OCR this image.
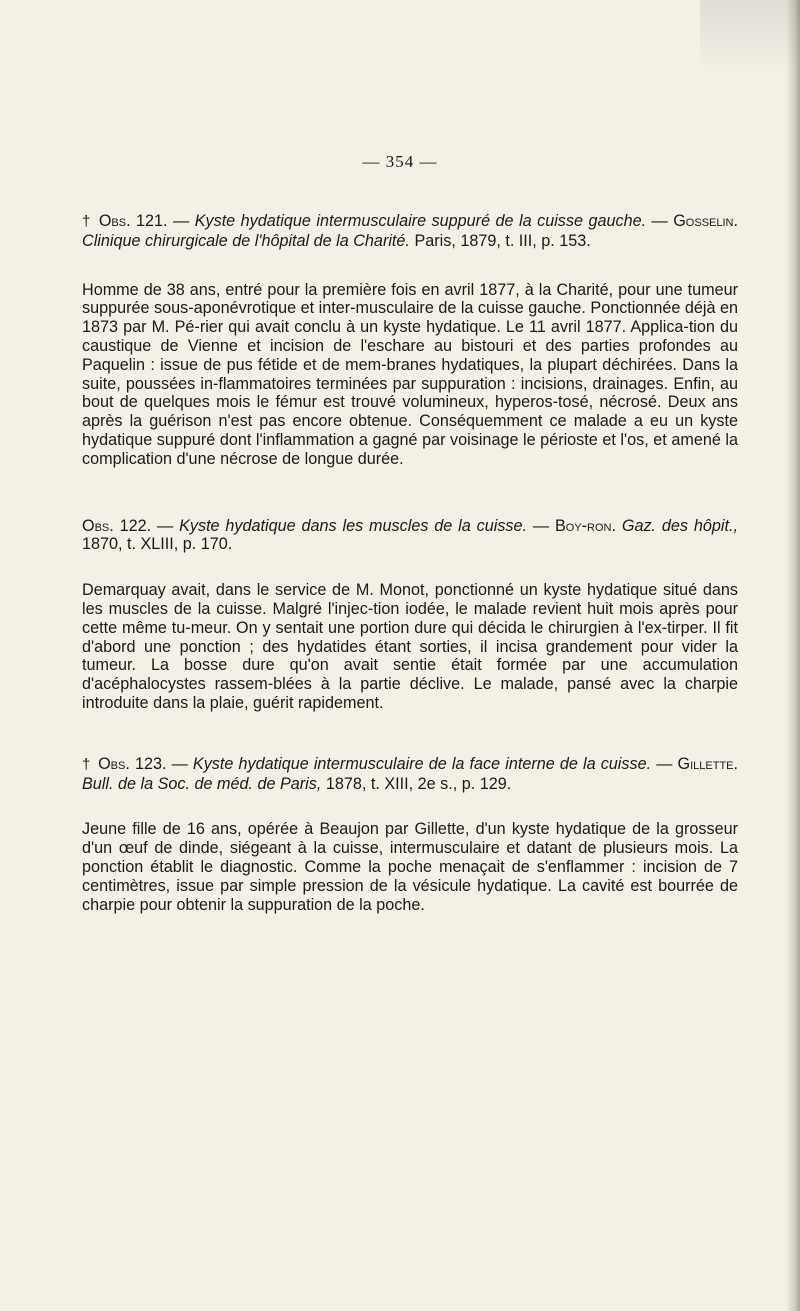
— 354 —

† Obs. 121. — Kyste hydatique intermusculaire suppuré de la cuisse gauche. — Gosselin. Clinique chirurgicale de l'hôpital de la Charité. Paris, 1879, t. III, p. 153.

Homme de 38 ans, entré pour la première fois en avril 1877, à la Charité, pour une tumeur suppurée sous-aponévrotique et inter-musculaire de la cuisse gauche. Ponctionnée déjà en 1873 par M. Pé-rier qui avait conclu à un kyste hydatique. Le 11 avril 1877. Applica-tion du caustique de Vienne et incision de l'eschare au bistouri et des parties profondes au Paquelin : issue de pus fétide et de mem-branes hydatiques, la plupart déchirées. Dans la suite, poussées in-flammatoires terminées par suppuration : incisions, drainages. Enfin, au bout de quelques mois le fémur est trouvé volumineux, hyperos-tosé, nécrosé. Deux ans après la guérison n'est pas encore obtenue. Conséquemment ce malade a eu un kyste hydatique suppuré dont l'inflammation a gagné par voisinage le périoste et l'os, et amené la complication d'une nécrose de longue durée.

Obs. 122. — Kyste hydatique dans les muscles de la cuisse. — Boy-ron. Gaz. des hôpit., 1870, t. XLIII, p. 170.

Demarquay avait, dans le service de M. Monot, ponctionné un kyste hydatique situé dans les muscles de la cuisse. Malgré l'injec-tion iodée, le malade revient huit mois après pour cette même tu-meur. On y sentait une portion dure qui décida le chirurgien à l'ex-tirper. Il fit d'abord une ponction ; des hydatides étant sorties, il incisa grandement pour vider la tumeur. La bosse dure qu'on avait sentie était formée par une accumulation d'acéphalocystes rassem-blées à la partie déclive. Le malade, pansé avec la charpie introduite dans la plaie, guérit rapidement.

† Obs. 123. — Kyste hydatique intermusculaire de la face interne de la cuisse. — Gillette. Bull. de la Soc. de méd. de Paris, 1878, t. XIII, 2e s., p. 129.

Jeune fille de 16 ans, opérée à Beaujon par Gillette, d'un kyste hydatique de la grosseur d'un œuf de dinde, siégeant à la cuisse, intermusculaire et datant de plusieurs mois. La ponction établit le diagnostic. Comme la poche menaçait de s'enflammer : incision de 7 centimètres, issue par simple pression de la vésicule hydatique. La cavité est bourrée de charpie pour obtenir la suppuration de la poche.
